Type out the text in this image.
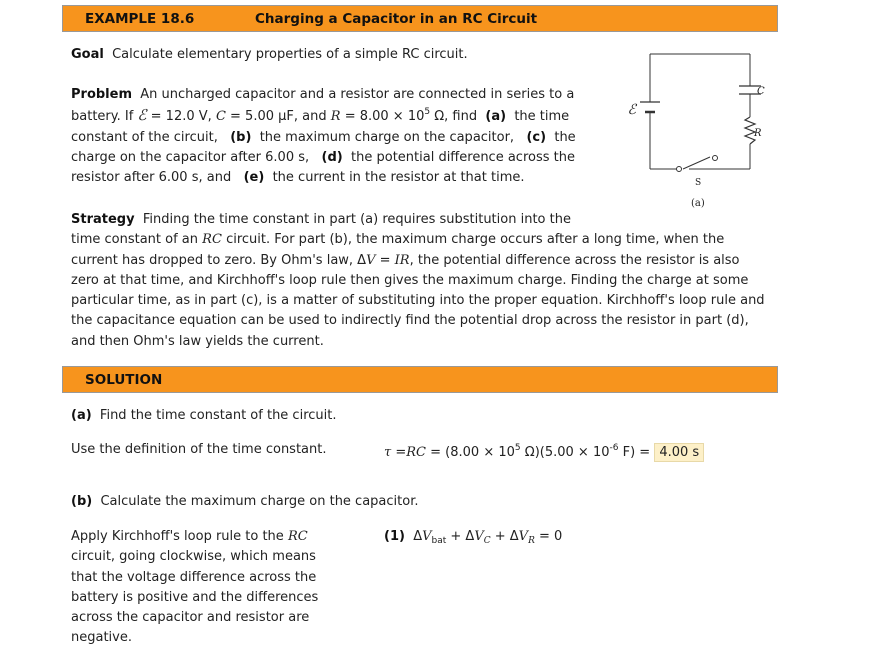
EXAMPLE 18.6	Charging a Capacitor in an RC Circuit
Goal Calculate elementary properties of a simple RC circuit.
Problem An uncharged capacitor and a resistor are connected in series to a
battery. If ℰ = 12.0 V, C = 5.00 μF, and $R = 8.00 \times 10^5$ Ω, find (a) the time
constant of the circuit, (b) the maximum charge on the capacitor, (c) the
charge on the capacitor after 6.00 s, (d) the potential difference across the
resistor after 6.00 s, and (e) the current in the resistor at that time.
ℰ
C
R
S
(a)
Strategy Finding the time constant in part (a) requires substitution into the
time constant of an RC circuit. For part (b), the maximum charge occurs after a long time, when the
current has dropped to zero. By Ohm's law, ΔV = IR, the potential difference across the resistor is also
zero at that time, and Kirchhoff's loop rule then gives the maximum charge. Finding the charge at some
particular time, as in part (c), is a matter of substituting into the proper equation. Kirchhoff's loop rule and
the capacitance equation can be used to indirectly find the potential drop across the resistor in part (d),
and then Ohm's law yields the current.
SOLUTION
(a) Find the time constant of the circuit.
Use the definition of the time constant.	$\tau =RC = (8.00 \times 10^5$ $\Omega)(5.00 \times 10^{-6}$ F) = 4.00 s
(b) Calculate the maximum charge on the capacitor.
Apply Kirchhoff's loop rule to the RC
circuit, going clockwise, which means
that the voltage difference across the
battery is positive and the differences
across the capacitor and resistor are
negative.
(1) $\Delta V_{bat} + \Delta V_C + \Delta V_R = 0$
